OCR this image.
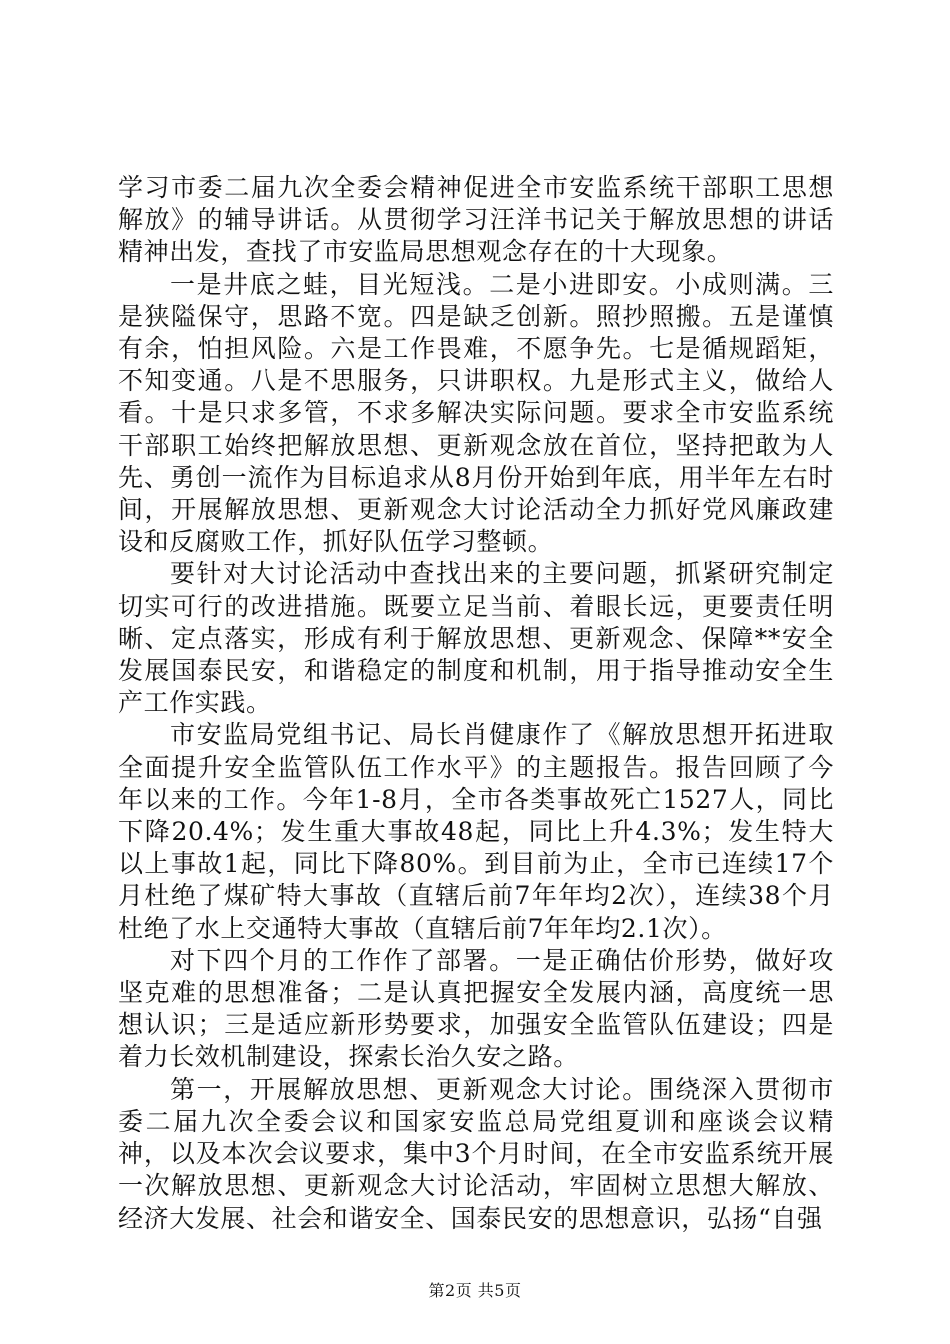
学习市委二届九次全委会精神促进全市安监系统干部职工思想解放》的辅导讲话。从贯彻学习汪洋书记关于解放思想的讲话精神出发，查找了市安监局思想观念存在的十大现象。

一是井底之蛙，目光短浅。二是小进即安。小成则满。三是狭隘保守，思路不宽。四是缺乏创新。照抄照搬。五是谨慎有余，怕担风险。六是工作畏难，不愿争先。七是循规蹈矩，不知变通。八是不思服务，只讲职权。九是形式主义，做给人看。十是只求多管，不求多解决实际问题。要求全市安监系统干部职工始终把解放思想、更新观念放在首位，坚持把敢为人先、勇创一流作为目标追求从8月份开始到年底，用半年左右时间，开展解放思想、更新观念大讨论活动全力抓好党风廉政建设和反腐败工作，抓好队伍学习整顿。

要针对大讨论活动中查找出来的主要问题，抓紧研究制定切实可行的改进措施。既要立足当前、着眼长远，更要责任明晰、定点落实，形成有利于解放思想、更新观念、保障**安全发展国泰民安，和谐稳定的制度和机制，用于指导推动安全生产工作实践。

市安监局党组书记、局长肖健康作了《解放思想开拓进取全面提升安全监管队伍工作水平》的主题报告。报告回顾了今年以来的工作。今年1-8月，全市各类事故死亡1527人，同比下降20.4%；发生重大事故48起，同比上升4.3%；发生特大以上事故1起，同比下降80%。到目前为止，全市已连续17个月杜绝了煤矿特大事故（直辖后前7年年均2次），连续38个月杜绝了水上交通特大事故（直辖后前7年年均2.1次）。

对下四个月的工作作了部署。一是正确估价形势，做好攻坚克难的思想准备；二是认真把握安全发展内涵，高度统一思想认识；三是适应新形势要求，加强安全监管队伍建设；四是着力长效机制建设，探索长治久安之路。

第一，开展解放思想、更新观念大讨论。围绕深入贯彻市委二届九次全委会议和国家安监总局党组夏训和座谈会议精神，以及本次会议要求，集中3个月时间，在全市安监系统开展一次解放思想、更新观念大讨论活动，牢固树立思想大解放、经济大发展、社会和谐安全、国泰民安的思想意识，弘扬“自强

第2页 共5页
